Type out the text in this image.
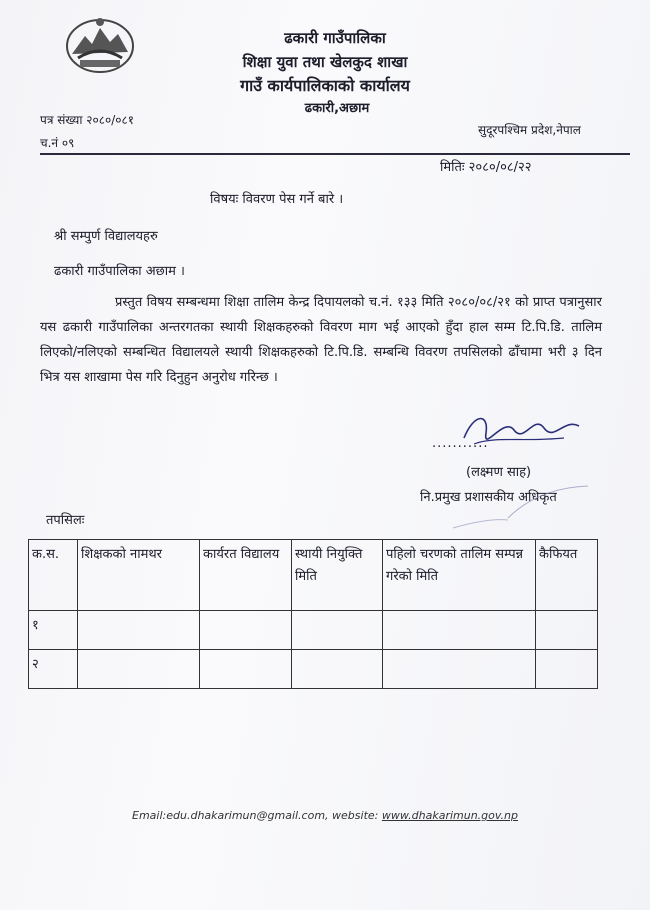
ढकारी गाउँपालिका
शिक्षा युवा तथा खेलकुद शाखा
गाउँ कार्यपालिकाको कार्यालय
ढकारी,अछाम
पत्र संख्या २०८०/०८१
च.नं ०९
सुदूरपश्चिम प्रदेश,नेपाल
मितिः २०८०/०८/२२
विषयः विवरण पेस गर्ने बारे ।
श्री सम्पुर्ण विद्यालयहरु
ढकारी गाउँपालिका अछाम ।
प्रस्तुत विषय सम्बन्धमा शिक्षा तालिम केन्द्र दिपायलको च.नं. १३३ मिति २०८०/०८/२१ को प्राप्त पत्रानुसार यस ढकारी गाउँपालिका अन्तरगतका स्थायी शिक्षकहरुको विवरण माग भई आएको हुँदा हाल सम्म टि.पि.डि. तालिम लिएको/नलिएको सम्बन्धित विद्यालयले स्थायी शिक्षकहरुको टि.पि.डि. सम्बन्धि विवरण तपसिलको ढाँचामा भरी ३ दिन भित्र यस शाखामा पेस गरि दिनुहुन अनुरोध गरिन्छ ।
...........
(लक्ष्मण साह)
नि.प्रमुख प्रशासकीय अधिकृत
तपसिलः
क.स.	शिक्षकको नामथर	कार्यरत विद्यालय	स्थायी नियुक्ति मिति	पहिलो चरणको तालिम सम्पन्न गरेको मिति	कैफियत
१					
२					
Email:edu.dhakarimun@gmail.com, website: www.dhakarimun.gov.np
